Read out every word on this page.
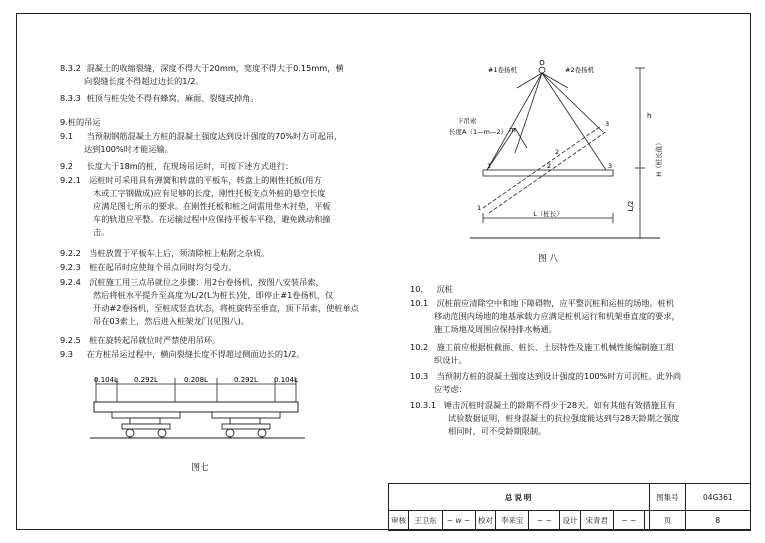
8.3.2 混凝土的收缩裂缝，深度不得大于20mm，宽度不得大于0.15mm，横
向裂缝长度不得超过边长的1/2。
8.3.3 桩顶与桩尖处不得有蜂窝、麻面、裂缝或掉角。
9.桩的吊运
9.1 当预制钢筋混凝土方桩的混凝土强度达到设计强度的70%时方可起吊，
达到100%时才能运输。
9.2 长度大于18m的桩，在现场吊运时，可按下述方式进行：
9.2.1 运桩时可采用具有弹簧和转盘的平板车，转盘上的刚性托板(用方
木或工字钢做成)应有足够的长度，刚性托板支点外桩的悬空长度
应满足图七所示的要求。在刚性托板和桩之间需用垫木衬垫，平板
车的轨道应平整。在运输过程中应保持平板车平稳，避免跳动和撞
击。
9.2.2 当桩放置于平板车上后，须清除桩上粘附之杂质。
9.2.3 桩在起吊时应使每个吊点同时均匀受力。
9.2.4 沉桩施工用三点吊就位之步骤：用2台卷扬机，按图八安装吊索，
然后将桩水平提升至高度为L/2(L为桩长)处，即停止#1卷扬机，仅
开动#2卷扬机，至桩成竖直状态，将桩旋转至垂直，顶下吊索，使桩单点
吊在03索上，然后进入桩架龙门(见图八)。
9.2.5 桩在旋转起吊就位时严禁使用吊环。
9.3 在方桩吊运过程中，横向裂缝长度不得超过侧面边长的1/2。
0.104L 0.292L	0.208L	0.292L 0.104L
图七
#1卷扬机	#2卷扬机
O
下吊索
长度A（1—m—2） m
1	2	3
1
2
3
h
H（桩长值）
L/2
L（桩长）
图 八
10. 沉桩
10.1 沉桩前应清除空中和地下障碍物，应平整沉桩和运桩的场地。桩机
移动范围内场地的地基承载力应满足桩机运行和机架垂直度的要求，
施工场地及周围应保持排水畅通。
10.2 施工前应根据桩截面、桩长、土层特性及施工机械性能编制施工组
织设计。
10.3 当预制方桩的混凝土强度达到设计强度的100%时方可沉桩。此外尚
应考虑：
10.3.1 锤击沉桩时混凝土的龄期不得少于28天。如有其他有效措施且有
试验数据证明，桩身混凝土的抗拉强度能达到与28天龄期之强度
相同时，可不受龄期限制。
总说明										图集号	04G361
审核	王卫东	~ w ~	校对	李来宝	~ ~	设计	宋青君	~ ~		页	8
